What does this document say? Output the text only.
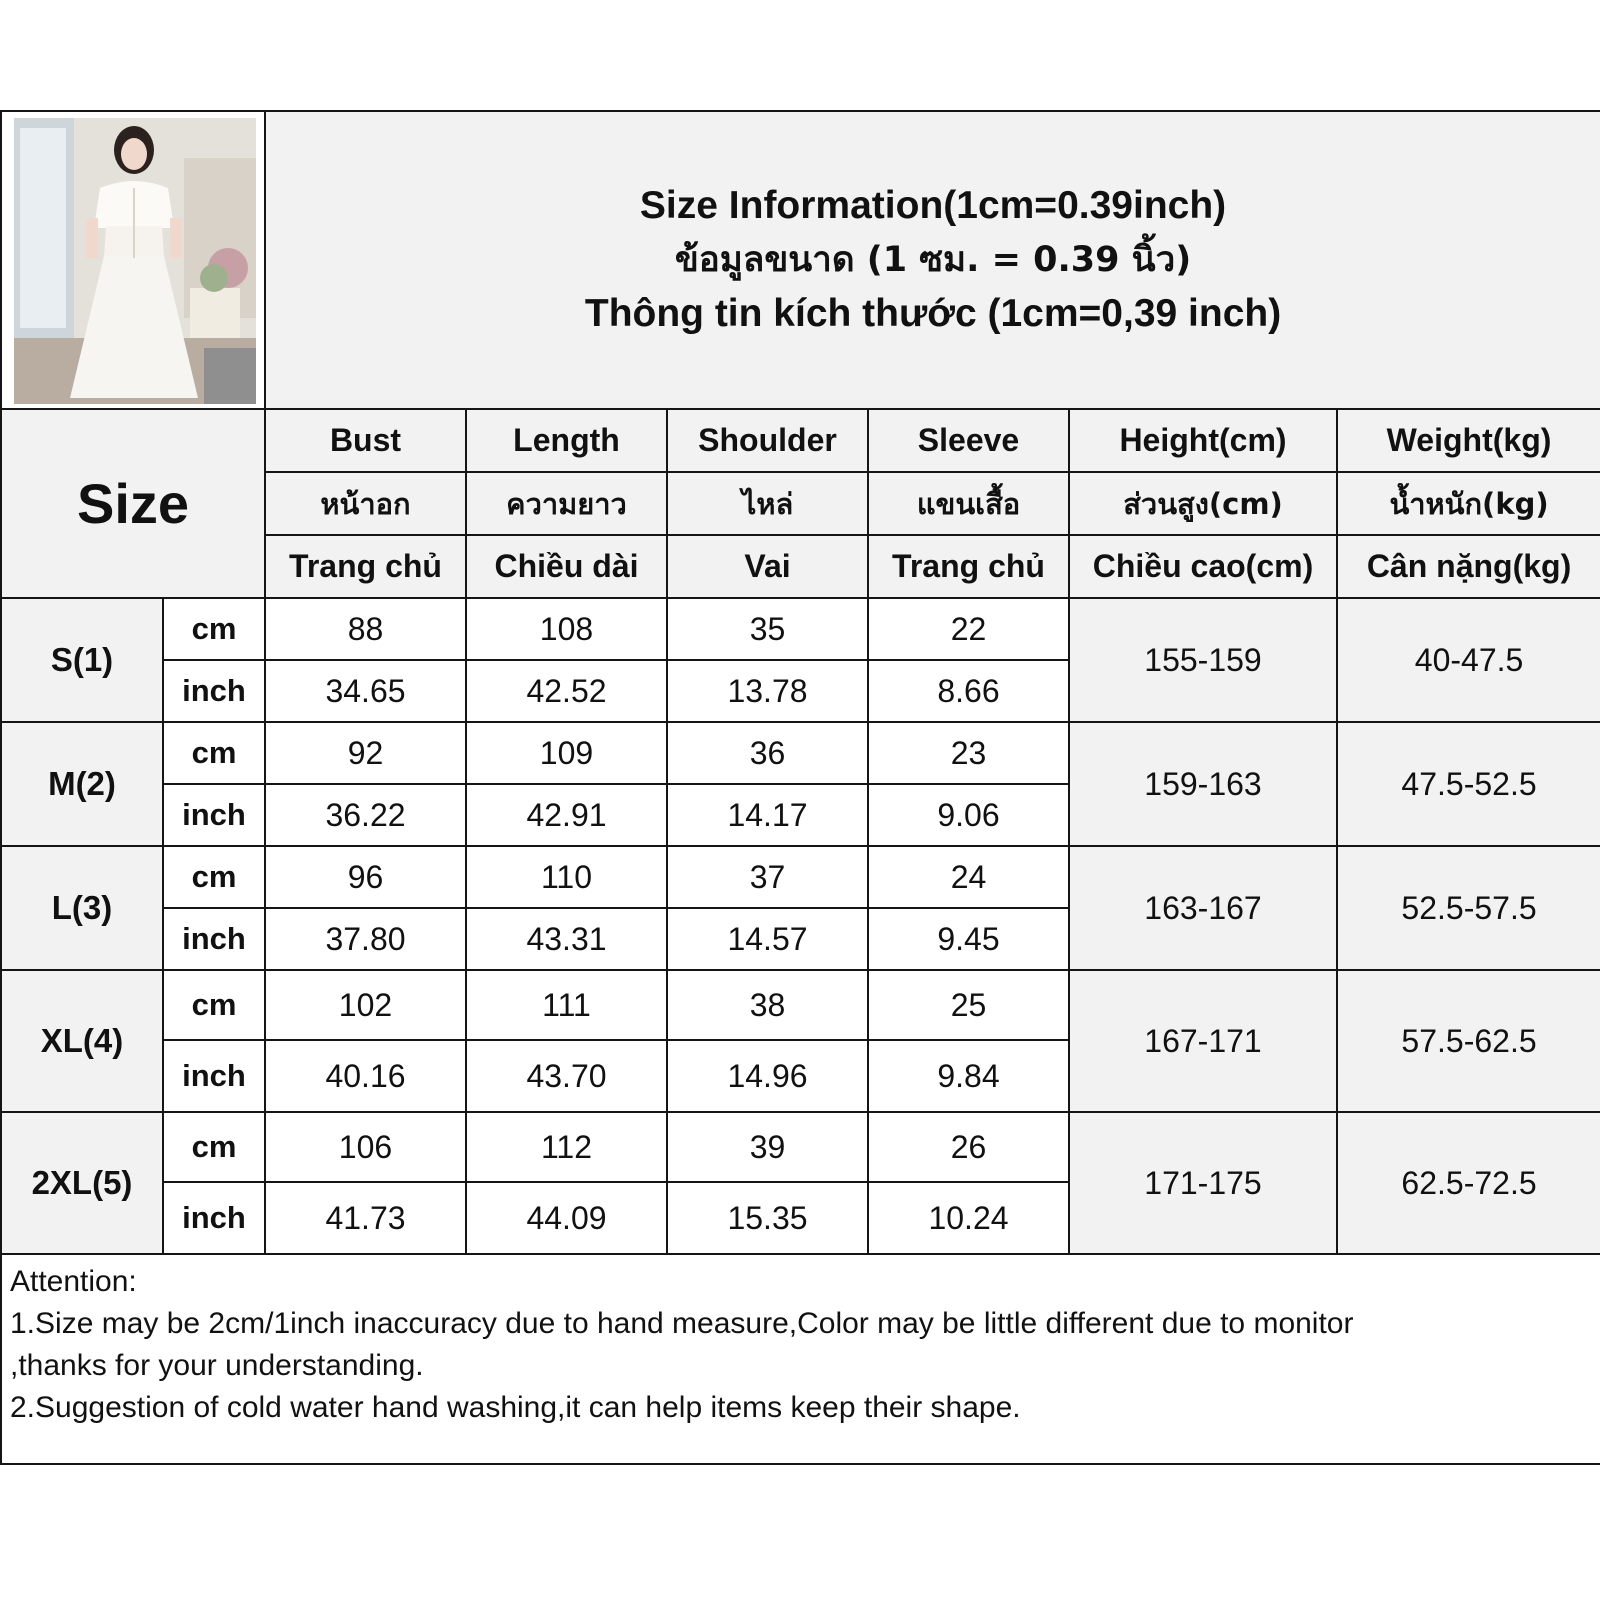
Size Information(1cm=0.39inch)
ข้อมูลขนาด (1 ซม. = 0.39 นิ้ว)
Thông tin kích thước (1cm=0,39 inch)					

Size		Bust	Length	Shoulder	Sleeve	Height(cm)	Weight(kg)
		หน้าอก	ความยาว	ไหล่	แขนเสื้อ	ส่วนสูง(cm)	น้ำหนัก(kg)
		Trang chủ	Chiều dài	Vai	Trang chủ	Chiều cao(cm)	Cân nặng(kg)
S(1)	cm	88	108	35	22	155-159	40-47.5
	inch	34.65	42.52	13.78	8.66		
M(2)	cm	92	109	36	23	159-163	47.5-52.5
	inch	36.22	42.91	14.17	9.06		
L(3)	cm	96	110	37	24	163-167	52.5-57.5
	inch	37.80	43.31	14.57	9.45		
XL(4)	cm	102	111	38	25	167-171	57.5-62.5
	inch	40.16	43.70	14.96	9.84		
2XL(5)	cm	106	112	39	26	171-175	62.5-72.5
	inch	41.73	44.09	15.35	10.24		

Attention:
1.Size may be 2cm/1inch inaccuracy due to hand measure,Color may be little different due to monitor
,thanks for your understanding.
2.Suggestion of cold water hand washing,it can help items keep their shape.							
